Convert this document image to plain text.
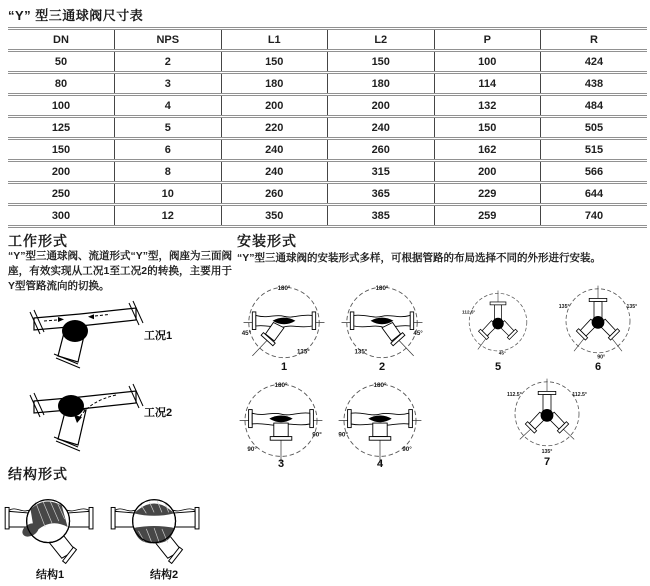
“Y” 型三通球阀尺寸表
DN	NPS	L1	L2	P	R
50	2	150	150	100	424
80	3	180	180	114	438
100	4	200	200	132	484
125	5	220	240	150	505
150	6	240	260	162	515
200	8	240	315	200	566
250	10	260	365	229	644
300	12	350	385	259	740
工作形式
“Y”型三通球阀、流道形式“Y”型，阀座为三面阀座，有效实现从工况1至工况2的转换，主要用于Y型管路流向的切换。
工况1
工况2
安装形式
“Y”型三通球阀的安装形式多样，可根据管路的布局选择不同的外形进行安装。
180°
45°
135°
1
180°
135°
45°
2
112.5°
45°
5
135°	135°
90°
6
180°
90°
90°
3
180°
90°
90°
4
112.5°	112.5°
135°
7
结构形式
结构1	结构2
